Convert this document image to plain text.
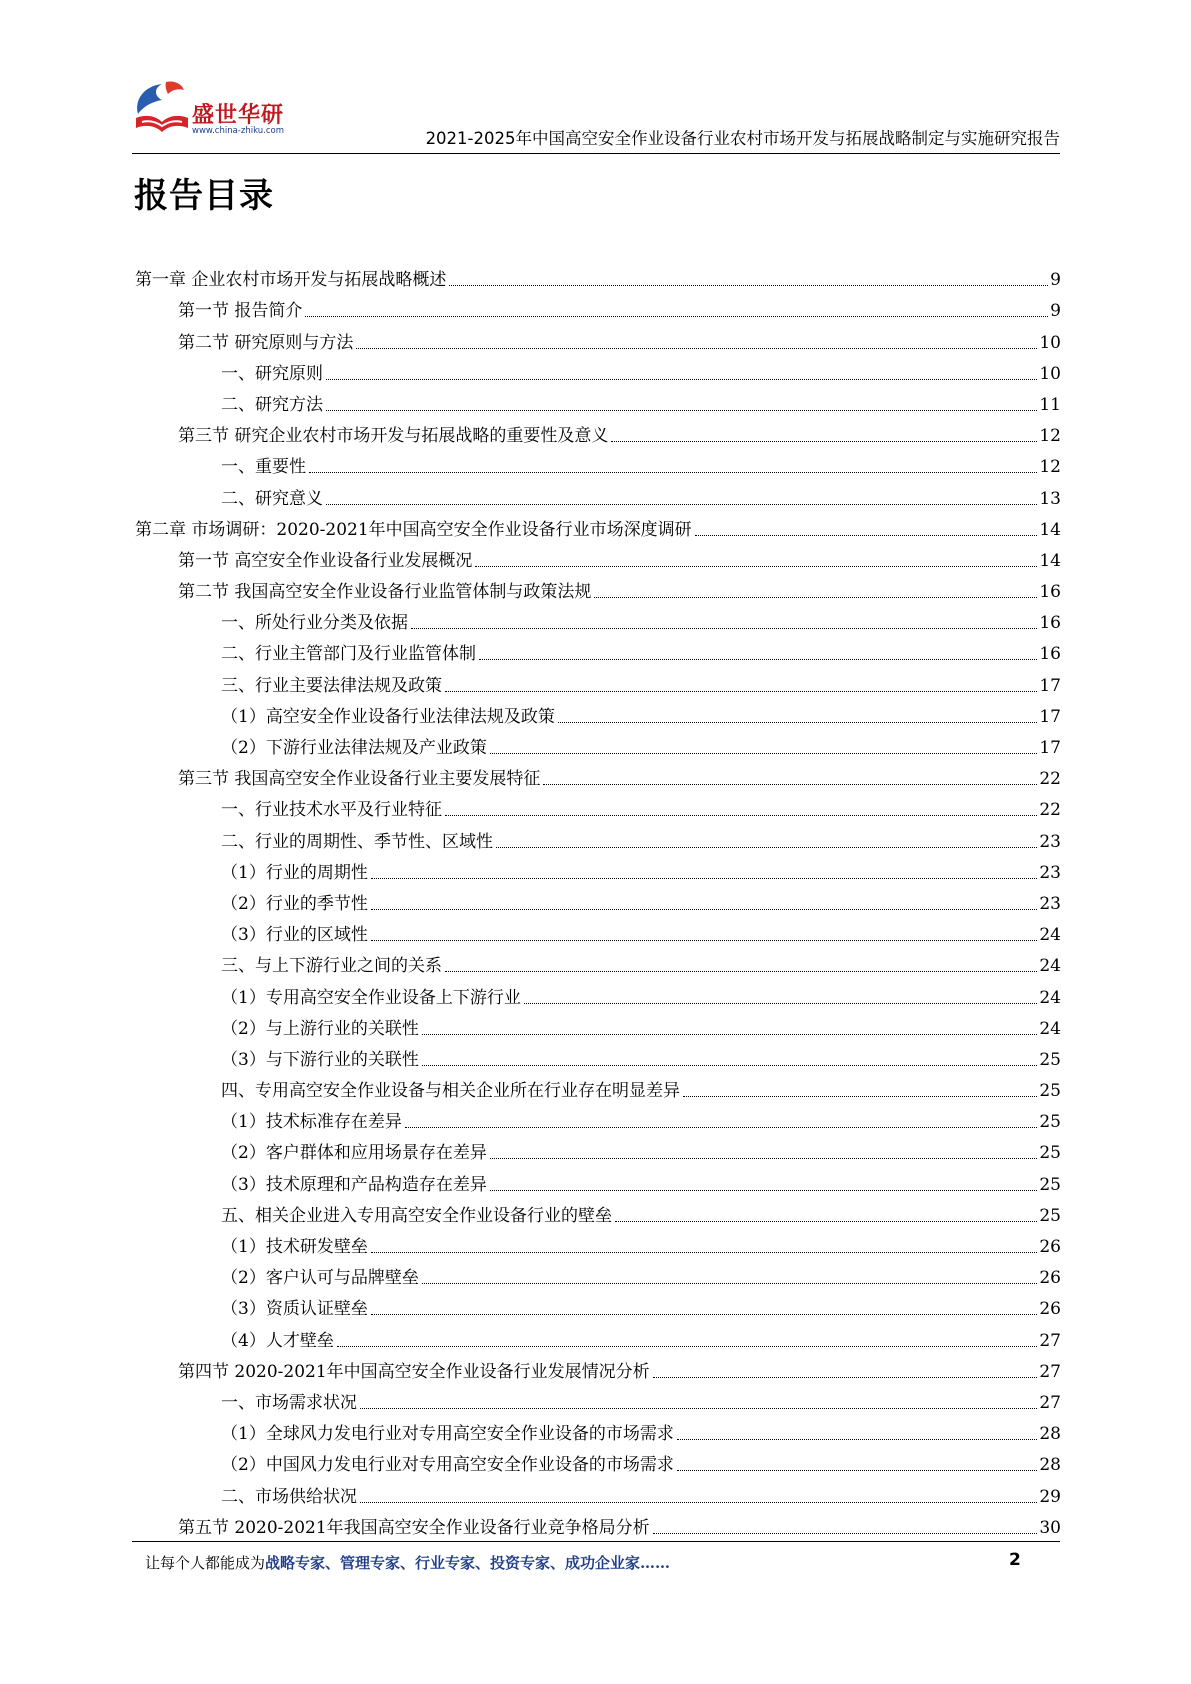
盛世华研
www.china-zhiku.com	2021-2025年中国高空安全作业设备行业农村市场开发与拓展战略制定与实施研究报告
报告目录
第一章 企业农村市场开发与拓展战略概述	9
第一节 报告简介	9
第二节 研究原则与方法	10
一、研究原则	10
二、研究方法	11
第三节 研究企业农村市场开发与拓展战略的重要性及意义	12
一、重要性	12
二、研究意义	13
第二章 市场调研：2020-2021年中国高空安全作业设备行业市场深度调研	14
第一节 高空安全作业设备行业发展概况	14
第二节 我国高空安全作业设备行业监管体制与政策法规	16
一、所处行业分类及依据	16
二、行业主管部门及行业监管体制	16
三、行业主要法律法规及政策	17
（1）高空安全作业设备行业法律法规及政策	17
（2）下游行业法律法规及产业政策	17
第三节 我国高空安全作业设备行业主要发展特征	22
一、行业技术水平及行业特征	22
二、行业的周期性、季节性、区域性	23
（1）行业的周期性	23
（2）行业的季节性	23
（3）行业的区域性	24
三、与上下游行业之间的关系	24
（1）专用高空安全作业设备上下游行业	24
（2）与上游行业的关联性	24
（3）与下游行业的关联性	25
四、专用高空安全作业设备与相关企业所在行业存在明显差异	25
（1）技术标准存在差异	25
（2）客户群体和应用场景存在差异	25
（3）技术原理和产品构造存在差异	25
五、相关企业进入专用高空安全作业设备行业的壁垒	25
（1）技术研发壁垒	26
（2）客户认可与品牌壁垒	26
（3）资质认证壁垒	26
（4）人才壁垒	27
第四节 2020-2021年中国高空安全作业设备行业发展情况分析	27
一、市场需求状况	27
（1）全球风力发电行业对专用高空安全作业设备的市场需求	28
（2）中国风力发电行业对专用高空安全作业设备的市场需求	28
二、市场供给状况	29
第五节 2020-2021年我国高空安全作业设备行业竞争格局分析	30
让每个人都能成为战略专家、管理专家、行业专家、投资专家、成功企业家……	2
